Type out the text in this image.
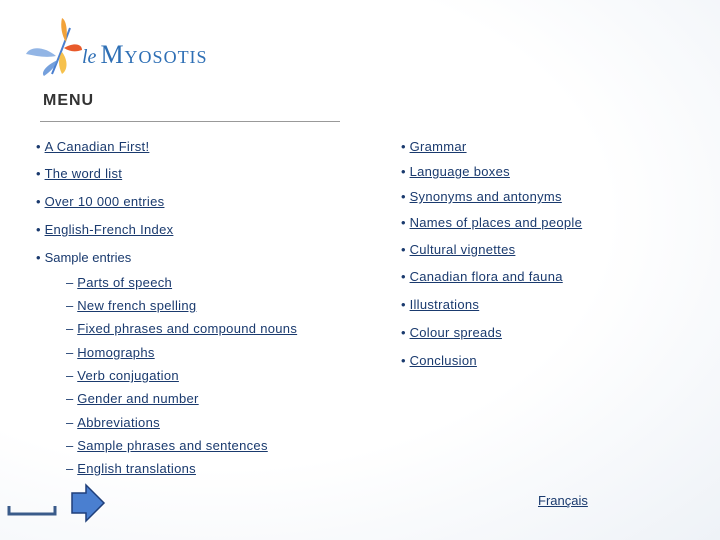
le Myosotis
MENU
• A Canadian First!
• The word list
• Over 10 000 entries
• English-French Index
• Sample entries
– Parts of speech
– New french spelling
– Fixed phrases and compound nouns
– Homographs
– Verb conjugation
– Gender and number
– Abbreviations
– Sample phrases and sentences
– English translations
• Grammar
• Language boxes
• Synonyms and antonyms
• Names of places and people
• Cultural vignettes
• Canadian flora and fauna
• Illustrations
• Colour spreads
• Conclusion
Français
